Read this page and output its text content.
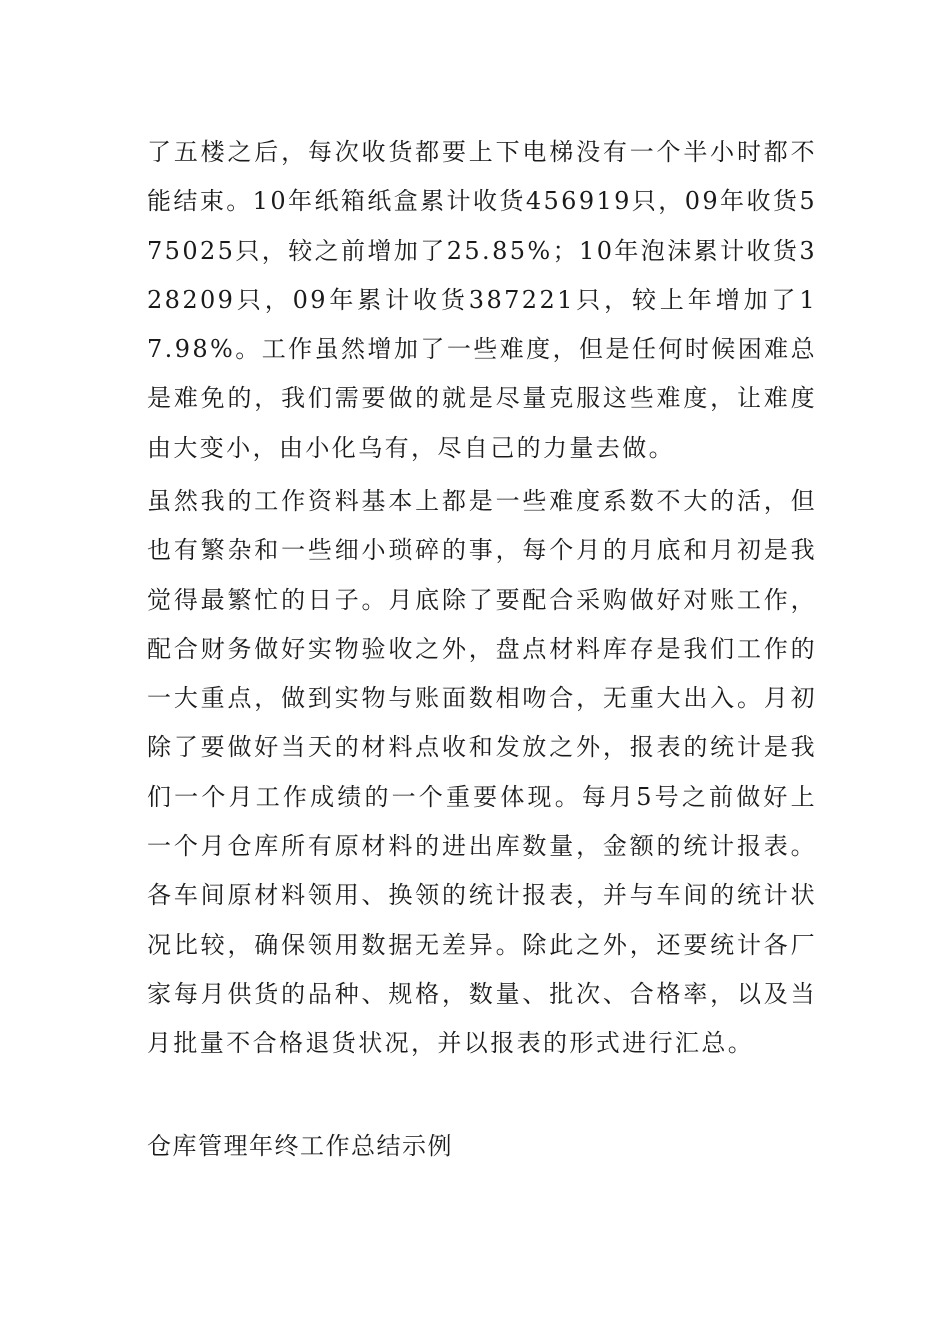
了五楼之后，每次收货都要上下电梯没有一个半小时都不能结束。10年纸箱纸盒累计收货456919只，09年收货575025只，较之前增加了25.85%；10年泡沫累计收货328209只，09年累计收货387221只，较上年增加了17.98%。工作虽然增加了一些难度，但是任何时候困难总是难免的，我们需要做的就是尽量克服这些难度，让难度由大变小，由小化乌有，尽自己的力量去做。

虽然我的工作资料基本上都是一些难度系数不大的活，但也有繁杂和一些细小琐碎的事，每个月的月底和月初是我觉得最繁忙的日子。月底除了要配合采购做好对账工作，配合财务做好实物验收之外，盘点材料库存是我们工作的一大重点，做到实物与账面数相吻合，无重大出入。月初除了要做好当天的材料点收和发放之外，报表的统计是我们一个月工作成绩的一个重要体现。每月5号之前做好上一个月仓库所有原材料的进出库数量，金额的统计报表。各车间原材料领用、换领的统计报表，并与车间的统计状况比较，确保领用数据无差异。除此之外，还要统计各厂家每月供货的品种、规格，数量、批次、合格率，以及当月批量不合格退货状况，并以报表的形式进行汇总。

仓库管理年终工作总结示例
